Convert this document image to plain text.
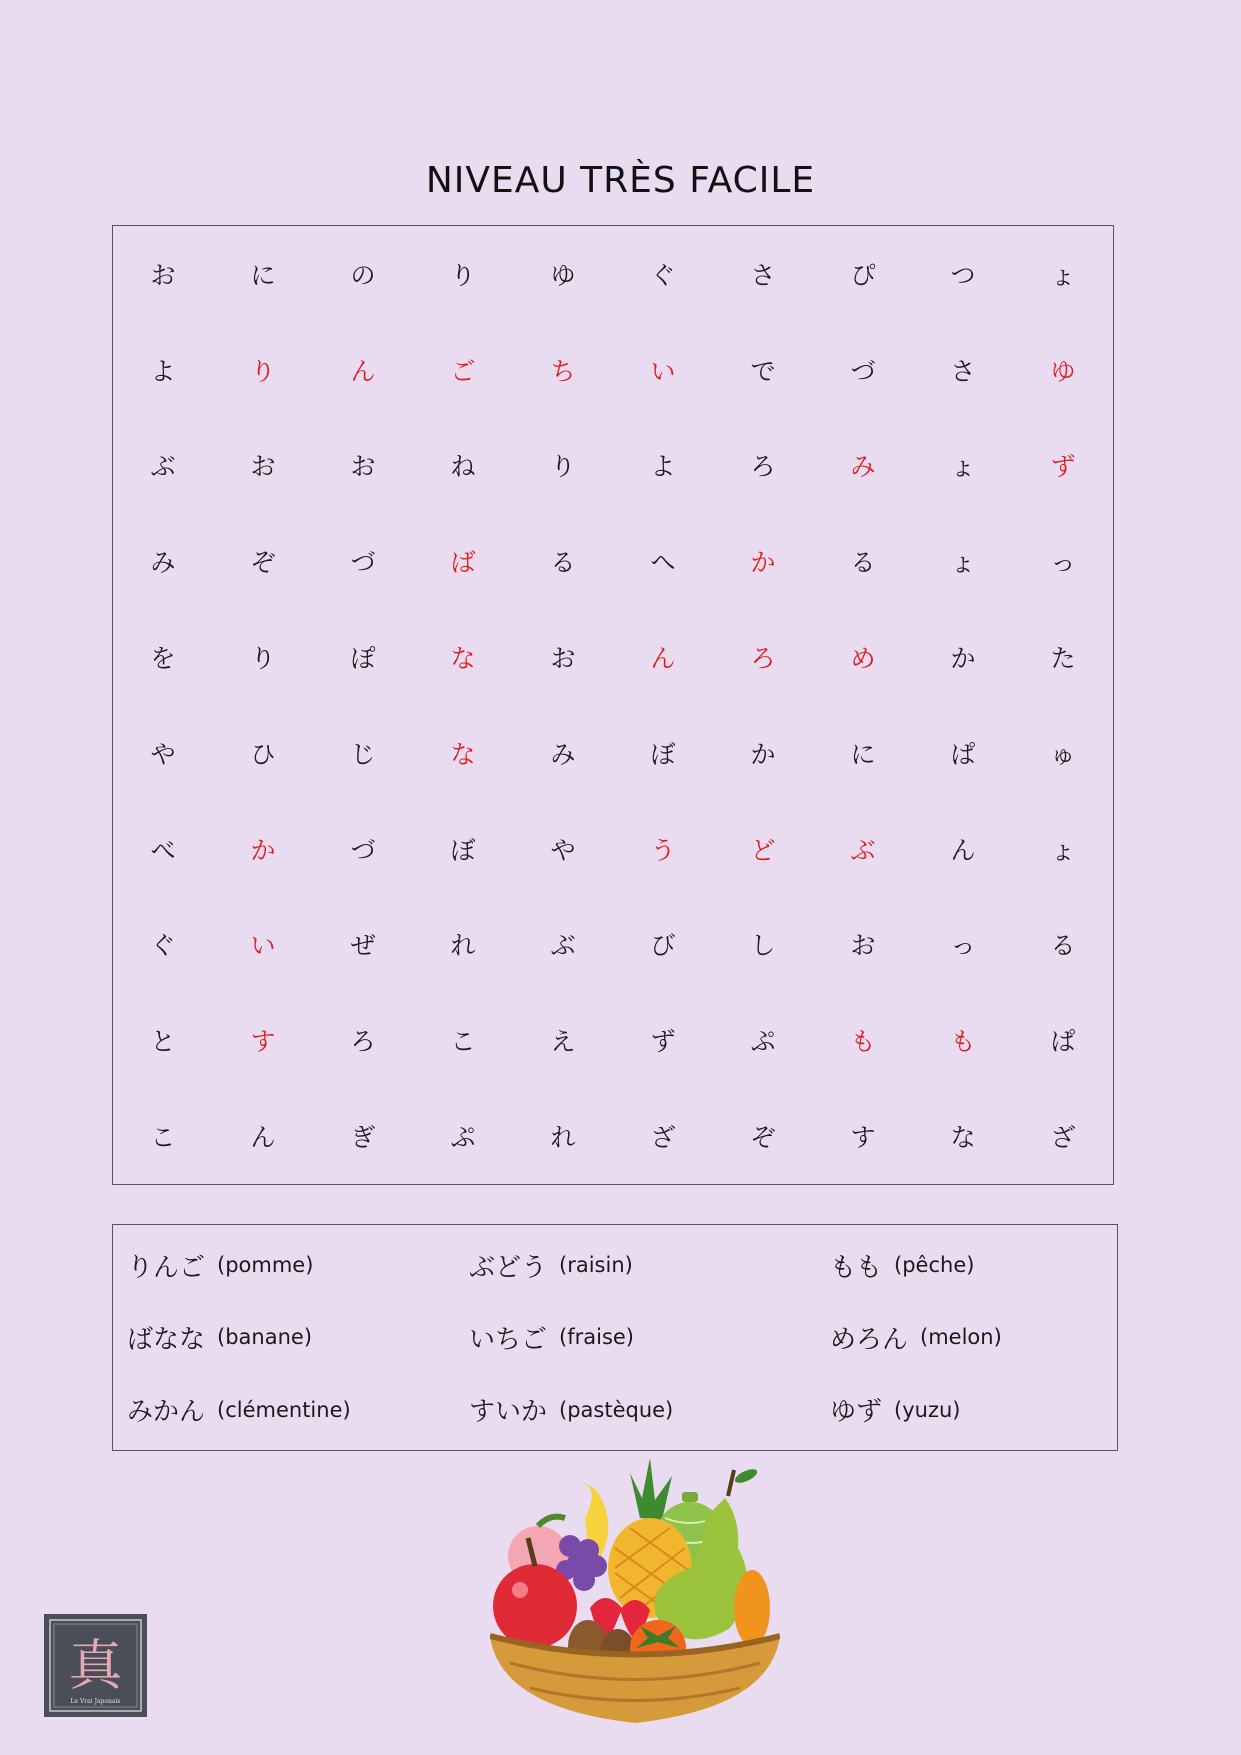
NIVEAU TRÈS FACILE
お	に	の	り	ゆ	ぐ	さ	ぴ	つ	ょ
よ	り	ん	ご	ち	い	で	づ	さ	ゆ
ぶ	お	お	ね	り	よ	ろ	み	ょ	ず
み	ぞ	づ	ば	る	へ	か	る	ょ	っ
を	り	ぽ	な	お	ん	ろ	め	か	た
や	ひ	じ	な	み	ぼ	か	に	ぱ	ゅ
べ	か	づ	ぼ	や	う	ど	ぶ	ん	ょ
ぐ	い	ぜ	れ	ぶ	び	し	お	っ	る
と	す	ろ	こ	え	ず	ぷ	も	も	ぱ
こ	ん	ぎ	ぷ	れ	ざ	ぞ	す	な	ざ
りんご (pomme)	ぶどう (raisin)	もも (pêche)
ばなな (banane)	いちご (fraise)	めろん (melon)
みかん (clémentine)	すいか (pastèque)	ゆず (yuzu)
真
Le Vrai Japonais
